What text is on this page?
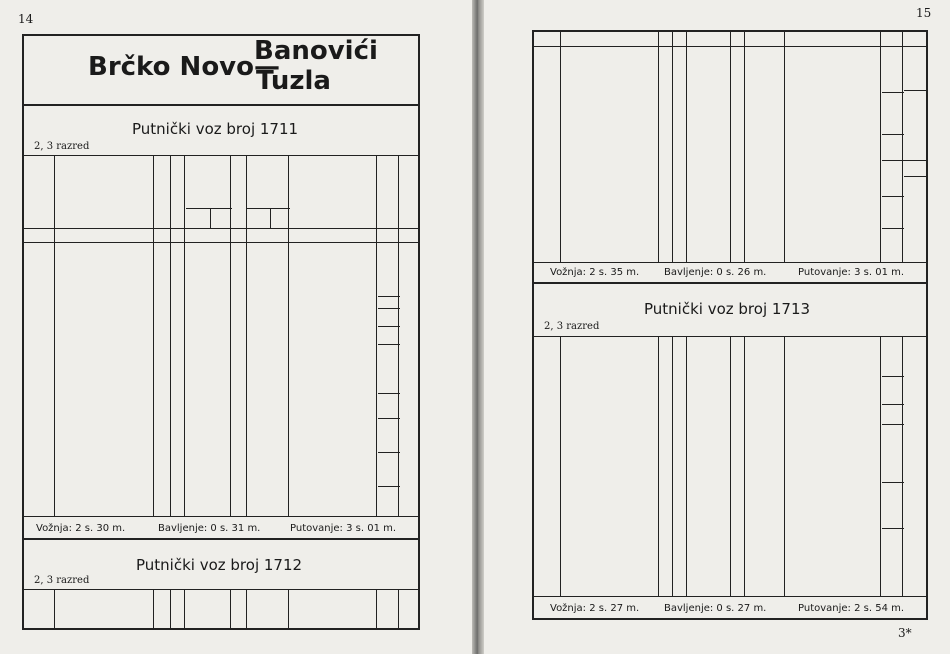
14
Brčko Novo—
Banovići
Tuzla
Putnički voz broj 1711
2, 3 razred
Vožnja: 2 s. 30 m.	Bavljenje: 0 s. 31 m.	Putovanje: 3 s. 01 m.
Putnički voz broj 1712
2, 3 razred
15
Vožnja: 2 s. 35 m. Bavljenje: 0 s. 26 m.	Putovanje: 3 s. 01 m.
Putnički voz broj 1713
2, 3 razred
Vožnja: 2 s. 27 m. Bavljenje: 0 s. 27 m.	Putovanje: 2 s. 54 m.
3*
